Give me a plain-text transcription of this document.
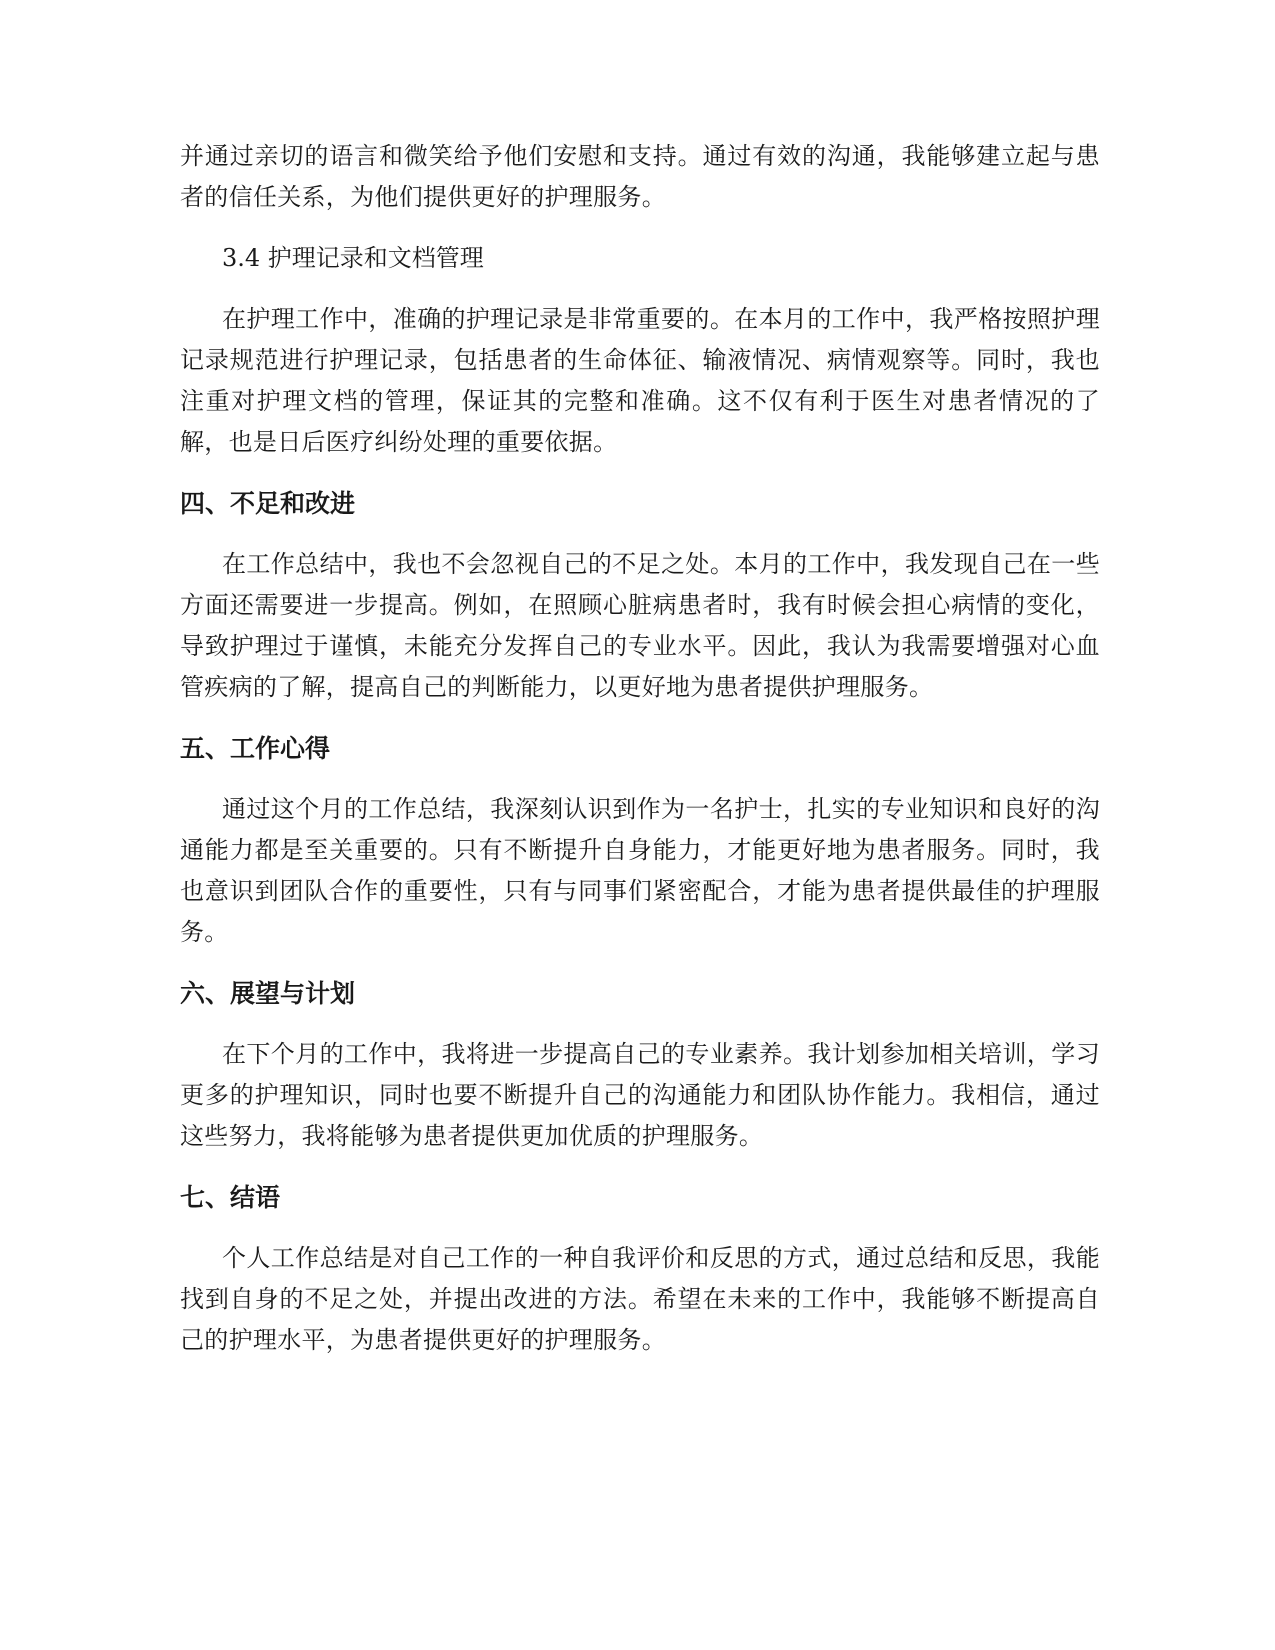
并通过亲切的语言和微笑给予他们安慰和支持。通过有效的沟通，我能够建立起与患者的信任关系，为他们提供更好的护理服务。

3.4 护理记录和文档管理

在护理工作中，准确的护理记录是非常重要的。在本月的工作中，我严格按照护理记录规范进行护理记录，包括患者的生命体征、输液情况、病情观察等。同时，我也注重对护理文档的管理，保证其的完整和准确。这不仅有利于医生对患者情况的了解，也是日后医疗纠纷处理的重要依据。

四、不足和改进

在工作总结中，我也不会忽视自己的不足之处。本月的工作中，我发现自己在一些方面还需要进一步提高。例如，在照顾心脏病患者时，我有时候会担心病情的变化，导致护理过于谨慎，未能充分发挥自己的专业水平。因此，我认为我需要增强对心血管疾病的了解，提高自己的判断能力，以更好地为患者提供护理服务。

五、工作心得

通过这个月的工作总结，我深刻认识到作为一名护士，扎实的专业知识和良好的沟通能力都是至关重要的。只有不断提升自身能力，才能更好地为患者服务。同时，我也意识到团队合作的重要性，只有与同事们紧密配合，才能为患者提供最佳的护理服务。

六、展望与计划

在下个月的工作中，我将进一步提高自己的专业素养。我计划参加相关培训，学习更多的护理知识，同时也要不断提升自己的沟通能力和团队协作能力。我相信，通过这些努力，我将能够为患者提供更加优质的护理服务。

七、结语

个人工作总结是对自己工作的一种自我评价和反思的方式，通过总结和反思，我能找到自身的不足之处，并提出改进的方法。希望在未来的工作中，我能够不断提高自己的护理水平，为患者提供更好的护理服务。
